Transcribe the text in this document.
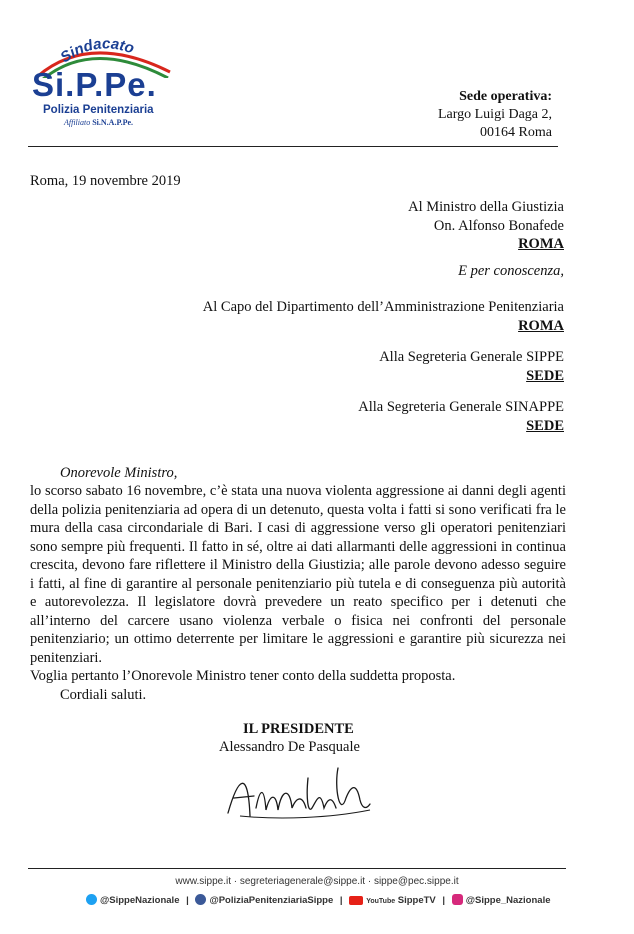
Sindacato
Si.P.Pe.
Polizia Penitenziaria
Affiliato Si.N.A.P.Pe.
Sede operativa:
Largo Luigi Daga 2,
00164 Roma
Roma, 19 novembre 2019
Al Ministro della Giustizia
On. Alfonso Bonafede
ROMA
E per conoscenza,
Al Capo del Dipartimento dell’Amministrazione Penitenziaria
ROMA
Alla Segreteria Generale SIPPE
SEDE
Alla Segreteria Generale SINAPPE
SEDE
Onorevole Ministro,

lo scorso sabato 16 novembre, c’è stata una nuova violenta aggressione ai danni degli agenti della polizia penitenziaria ad opera di un detenuto, questa volta i fatti si sono verificati fra le mura della casa circondariale di Bari. I casi di aggressione verso gli operatori penitenziari sono sempre più frequenti. Il fatto in sé, oltre ai dati allarmanti delle aggressioni in continua crescita, devono fare riflettere il Ministro della Giustizia; alle parole devono adesso seguire i fatti, al fine di garantire al personale penitenziario più tutela e di conseguenza più autorità e autorevolezza. Il legislatore dovrà prevedere un reato specifico per i detenuti che all’interno del carcere usano violenza verbale o fisica nei confronti del personale penitenziario; un ottimo deterrente per limitare le aggressioni e garantire più sicurezza nei penitenziari.

Voglia pertanto l’Onorevole Ministro tener conto della suddetta proposta.

Cordiali saluti.

IL PRESIDENTE
Alessandro De Pasquale
www.sippe.it · segreteriagenerale@sippe.it · sippe@pec.sippe.it
@SippeNazionale | @PoliziaPenitenziariaSippe |	YouTube SippeTV | @Sippe_Nazionale
